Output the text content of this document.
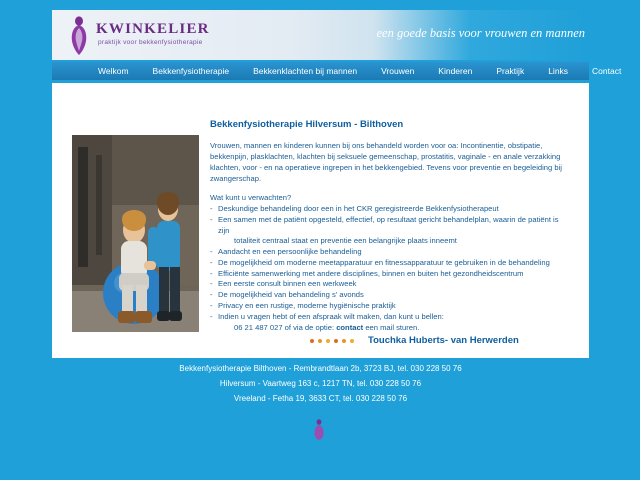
KWINKELIER
praktijk voor bekkenfysiotherapie
een goede basis voor vrouwen en mannen
Welkom	Bekkenfysiotherapie	Bekkenklachten bij mannen	Vrouwen	Kinderen	Praktijk	Links	Contact
Bekkenfysiotherapie Hilversum - Bilthoven
Vrouwen, mannen en kinderen kunnen bij ons behandeld worden voor oa: Incontinentie, obstipatie, bekkenpijn, plasklachten, klachten bij seksuele gemeenschap, prostatitis, vaginale - en anale verzakking klachten, voor - en na operatieve ingrepen in het bekkengebied. Tevens voor preventie en begeleiding bij zwangerschap.
Wat kunt u verwachten?
- Deskundige behandeling door een in het CKR geregistreerde Bekkenfysiotherapeut
- Een samen met de patiënt opgesteld, effectief, op resultaat gericht behandelplan, waarin de patiënt is zijn
totaliteit centraal staat en preventie een belangrijke plaats inneemt
- Aandacht en een persoonlijke behandeling
- De mogelijkheid om moderne meetapparatuur en fitnessapparatuur te gebruiken in de behandeling
- Efficiënte samenwerking met andere disciplines, binnen en buiten het gezondheidscentrum
- Een eerste consult binnen een werkweek
- De mogelijkheid van behandeling s' avonds
- Privacy en een rustige, moderne hygiënische praktijk
- Indien u vragen hebt of een afspraak wilt maken, dan kunt u bellen:
06 21 487 027 of via de optie: contact een mail sturen.
Touchka Huberts- van Herwerden
Bekkenfysiotherapie Bilthoven - Rembrandtlaan 2b, 3723 BJ, tel. 030 228 50 76
Hilversum - Vaartweg 163 c, 1217 TN, tel. 030 228 50 76
Vreeland - Fetha 19, 3633 CT, tel. 030 228 50 76
